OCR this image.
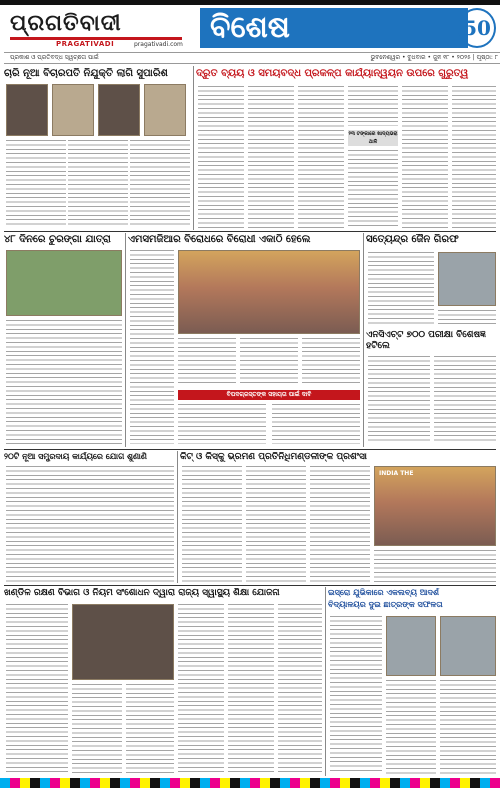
ପ୍ରଗତିବାଦୀ
PRAGATIVADI	pragativadi.com ବିଶେଷ	50
ପ୍ରକାଶ ଓ ପ୍ରତିବଦ୍ଧ ସ୍ୱଚ୍ଛତା ପାଇଁ	ଭୁବନେଶ୍ୱର • ବୁଧବାର • ଜୁନ ୧୮ • ୨୦୨୫ | ପୃଷ୍ଠା: ୮
ଚାରି ନୂଆ ବିଚାରପତି ନିଯୁକ୍ତି ଲାଗି ସୁପାରିଶ	ଦ୍ରୁତ ବ୍ୟୟ ଓ ସମୟବଦ୍ଧ ପ୍ରକଳ୍ପ କାର୍ଯ୍ୟାନ୍ୱୟନ ଉପରେ ଗୁରୁତ୍ୱ
୨୩ ଟଙ୍କାରେ ଖାଦ୍ୟଭରା ଥାଳି
୪୮ ଦିନରେ ଚୁରଙ୍ଗା ଯାତ୍ରା	ଏମସମଜିଆର ବିରୋଧରେ ବିରୋଧୀ ଏକାଠି ହେଲେ
ବିପଦଗ୍ରସ୍ତଙ୍କ ସହାୟତା ପାଇଁ ଦାବି
ସତ୍ୟେନ୍ଦ୍ର ଜୈନ ଗିରଫ
ଏନସିଏଚ୍‌ଟ ୭୦୦ ପରୀକ୍ଷା ବିଶେଷଜ୍ଞ ହଟିଲେ
୨୦ଟି ନୂଆ ସମ୍ପ୍ରଦାୟ କାର୍ଯ୍ୟରେ ଯୋଗ ଶୁଣାଣି	କିଟ୍ ଓ କିସ୍‌କୁ ଭ୍ରମଣ ପ୍ରତିନିଧିମଣ୍ଡଳୀଙ୍କ ପ୍ରଶଂସା
INDIA THE
ଖଣ୍ଡିଳ ରକ୍ଷଣ ବିଭାଗ ଓ ନିୟମ ସଂଶୋଧନ ଦ୍ୱାରା ରାଜ୍ୟ ସ୍ୱାସ୍ଥ୍ୟ ଶିକ୍ଷା ଯୋଜନା	ଇସ୍ରୋ ଯୁଭିକାରେ ଏକଲବ୍ୟ ଆଦର୍ଶ
ବିଦ୍ୟାଳୟର ଦୁଇ ଛାତ୍ରଙ୍କ ସଫଳତା
